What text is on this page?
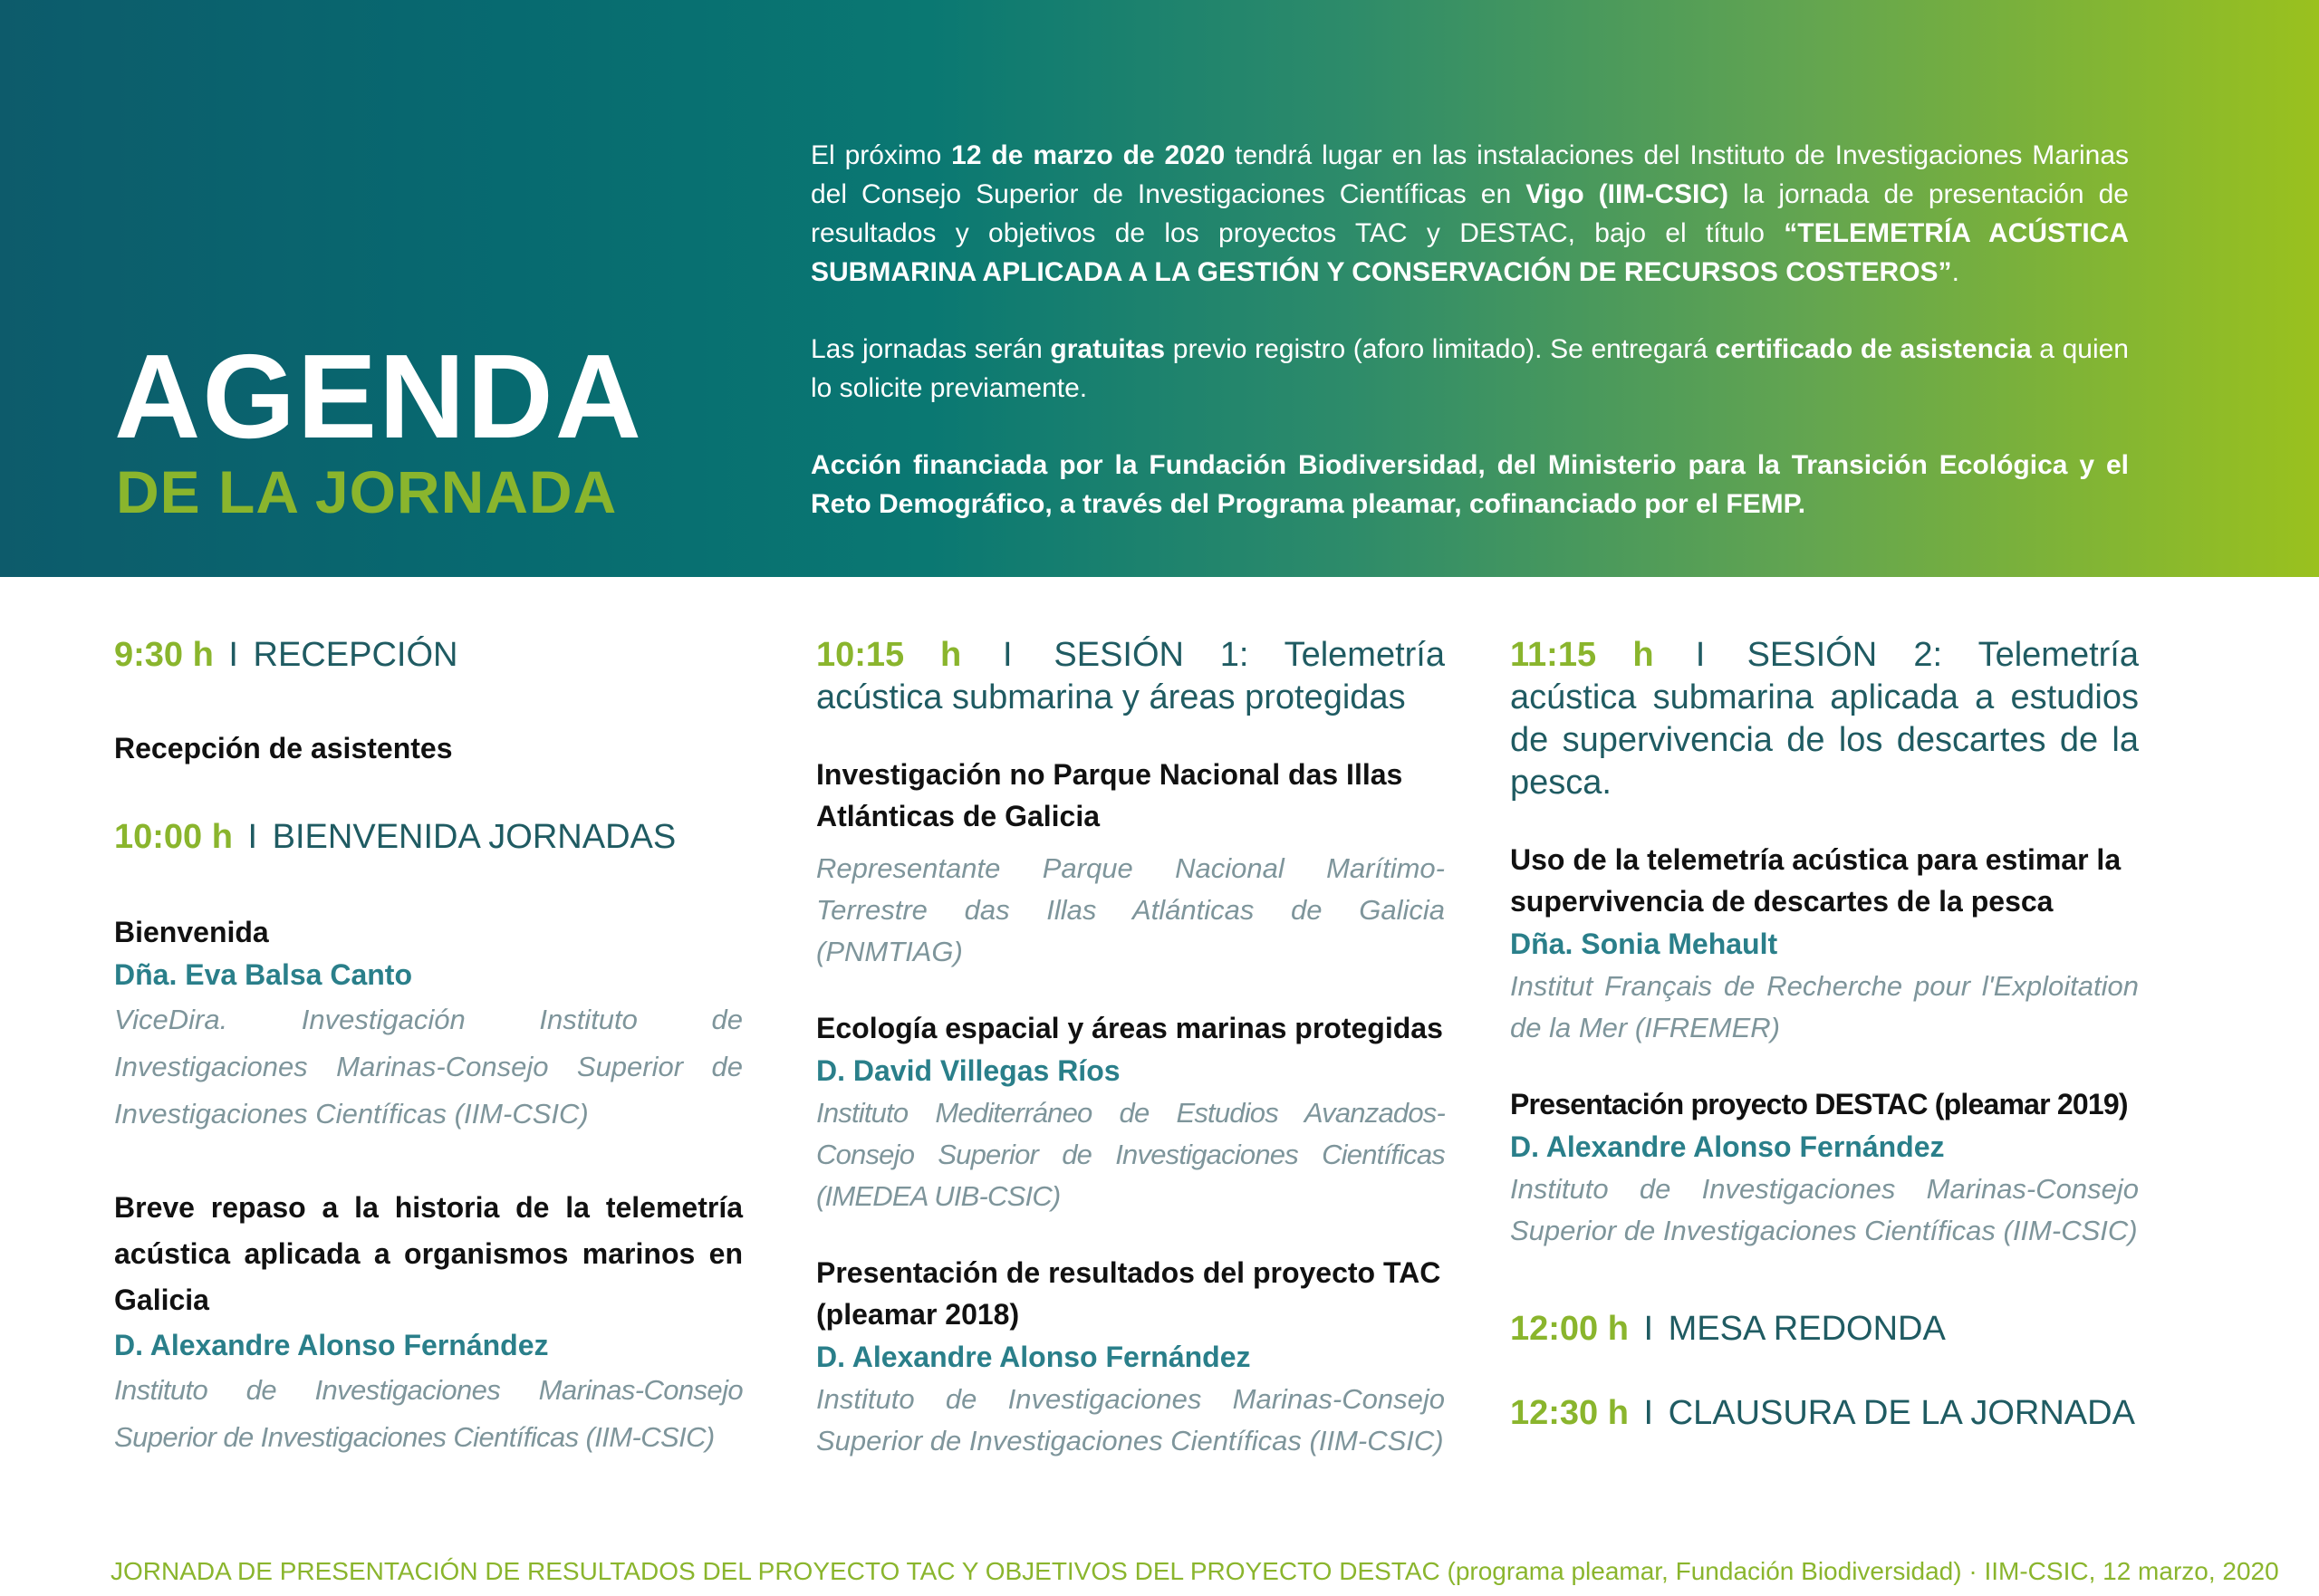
AGENDA
DE LA JORNADA

El próximo 12 de marzo de 2020 tendrá lugar en las instalaciones del Instituto de Investigaciones Marinas del Consejo Superior de Investigaciones Científicas en Vigo (IIM-CSIC) la jornada de presentación de resultados y objetivos de los proyectos TAC y DESTAC, bajo el título “TELEMETRÍA ACÚSTICA SUBMARINA APLICADA A LA GESTIÓN Y CONSERVACIÓN DE RECURSOS COSTEROS”.

Las jornadas serán gratuitas previo registro (aforo limitado). Se entregará certificado de asistencia a quien lo solicite previamente.

Acción financiada por la Fundación Biodiversidad, del Ministerio para la Transición Ecológica y el Reto Demográfico, a través del Programa pleamar, cofinanciado por el FEMP.

9:30 h I RECEPCIÓN

Recepción de asistentes

10:00 h I BIENVENIDA JORNADAS

Bienvenida

Dña. Eva Balsa Canto

ViceDira. Investigación Instituto de Investigaciones Marinas-Consejo Superior de Investigaciones Científicas (IIM-CSIC)

Breve repaso a la historia de la telemetría acústica aplicada a organismos marinos en Galicia

D. Alexandre Alonso Fernández

Instituto de Investigaciones Marinas-Consejo Superior de Investigaciones Científicas (IIM-CSIC)

10:15 h I SESIÓN 1: Telemetría acústica submarina y áreas protegidas

Investigación no Parque Nacional das Illas Atlánticas de Galicia

Representante Parque Nacional Marítimo-Terrestre das Illas Atlánticas de Galicia (PNMTIAG)

Ecología espacial y áreas marinas protegidas

D. David Villegas Ríos

Instituto Mediterráneo de Estudios Avanzados-Consejo Superior de Investigaciones Científicas (IMEDEA UIB-CSIC)

Presentación de resultados del proyecto TAC (pleamar 2018)

D. Alexandre Alonso Fernández

Instituto de Investigaciones Marinas-Consejo Superior de Investigaciones Científicas (IIM-CSIC)

11:15 h I SESIÓN 2: Telemetría acústica submarina aplicada a estudios de supervivencia de los descartes de la pesca.

Uso de la telemetría acústica para estimar la supervivencia de descartes de la pesca

Dña. Sonia Mehault

Institut Français de Recherche pour l'Exploitation de la Mer (IFREMER)

Presentación proyecto DESTAC (pleamar 2019)

D. Alexandre Alonso Fernández

Instituto de Investigaciones Marinas-Consejo Superior de Investigaciones Científicas (IIM-CSIC)

12:00 h I MESA REDONDA

12:30 h I CLAUSURA DE LA JORNADA

JORNADA DE PRESENTACIÓN DE RESULTADOS DEL PROYECTO TAC Y OBJETIVOS DEL PROYECTO DESTAC (programa pleamar, Fundación Biodiversidad) · IIM-CSIC, 12 marzo, 2020
